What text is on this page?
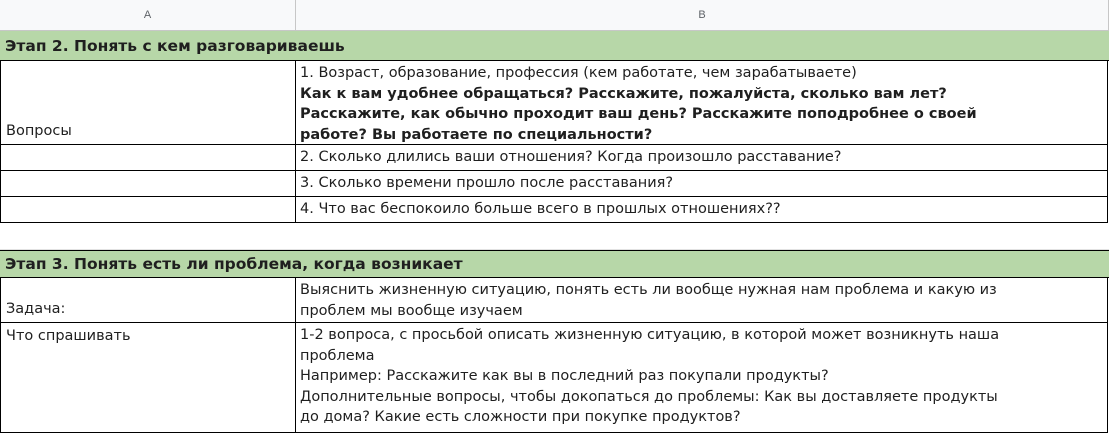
A	B
Этап 2. Понять с кем разговариваешь
Вопросы
1. Возраст, образование, профессия (кем работате, чем зарабатываете)
Как к вам удобнее обращаться? Расскажите, пожалуйста, сколько вам лет?
Расскажите, как обычно проходит ваш день? Расскажите поподробнее о своей
работе? Вы работаете по специальности?
2. Сколько длились ваши отношения? Когда произошло расставание?
3. Сколько времени прошло после расставания?
4. Что вас беспокоило больше всего в прошлых отношениях??
Этап 3. Понять есть ли проблема, когда возникает
Задача:
Выяснить жизненную ситуацию, понять есть ли вообще нужная нам проблема и какую из
проблем мы вообще изучаем
Что спрашивать	1-2 вопроса, с просьбой описать жизненную ситуацию, в которой может возникнуть наша
проблема
Например: Расскажите как вы в последний раз покупали продукты?
Дополнительные вопросы, чтобы докопаться до проблемы: Как вы доставляете продукты
до дома? Какие есть сложности при покупке продуктов?
